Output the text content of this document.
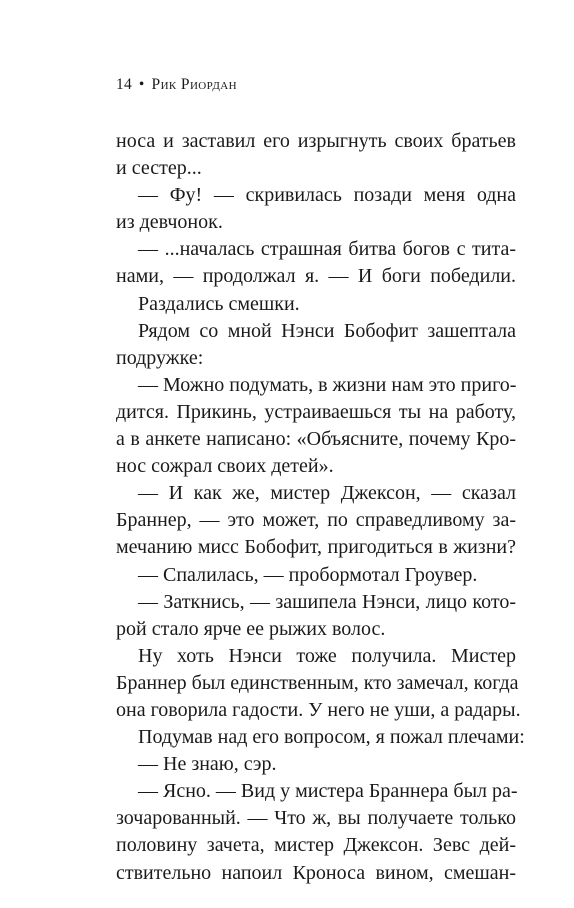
14 • Рик Риордан
носа и заставил его изрыгнуть своих братьев
и сестер...
— Фу! — скривилась позади меня одна
из девчонок.
— ...началась страшная битва богов с тита-
нами, — продолжал я. — И боги победили.
Раздались смешки.
Рядом со мной Нэнси Бобофит зашептала
подружке:
— Можно подумать, в жизни нам это приго-
дится. Прикинь, устраиваешься ты на работу,
а в анкете написано: «Объясните, почему Кро-
нос сожрал своих детей».
— И как же, мистер Джексон, — сказал
Браннер, — это может, по справедливому за-
мечанию мисс Бобофит, пригодиться в жизни?
— Спалилась, — пробормотал Гроувер.
— Заткнись, — зашипела Нэнси, лицо кото-
рой стало ярче ее рыжих волос.
Ну хоть Нэнси тоже получила. Мистер
Браннер был единственным, кто замечал, когда
она говорила гадости. У него не уши, а радары.
Подумав над его вопросом, я пожал плечами:
— Не знаю, сэр.
— Ясно. — Вид у мистера Браннера был ра-
зочарованный. — Что ж, вы получаете только
половину зачета, мистер Джексон. Зевс дей-
ствительно напоил Кроноса вином, смешан-
